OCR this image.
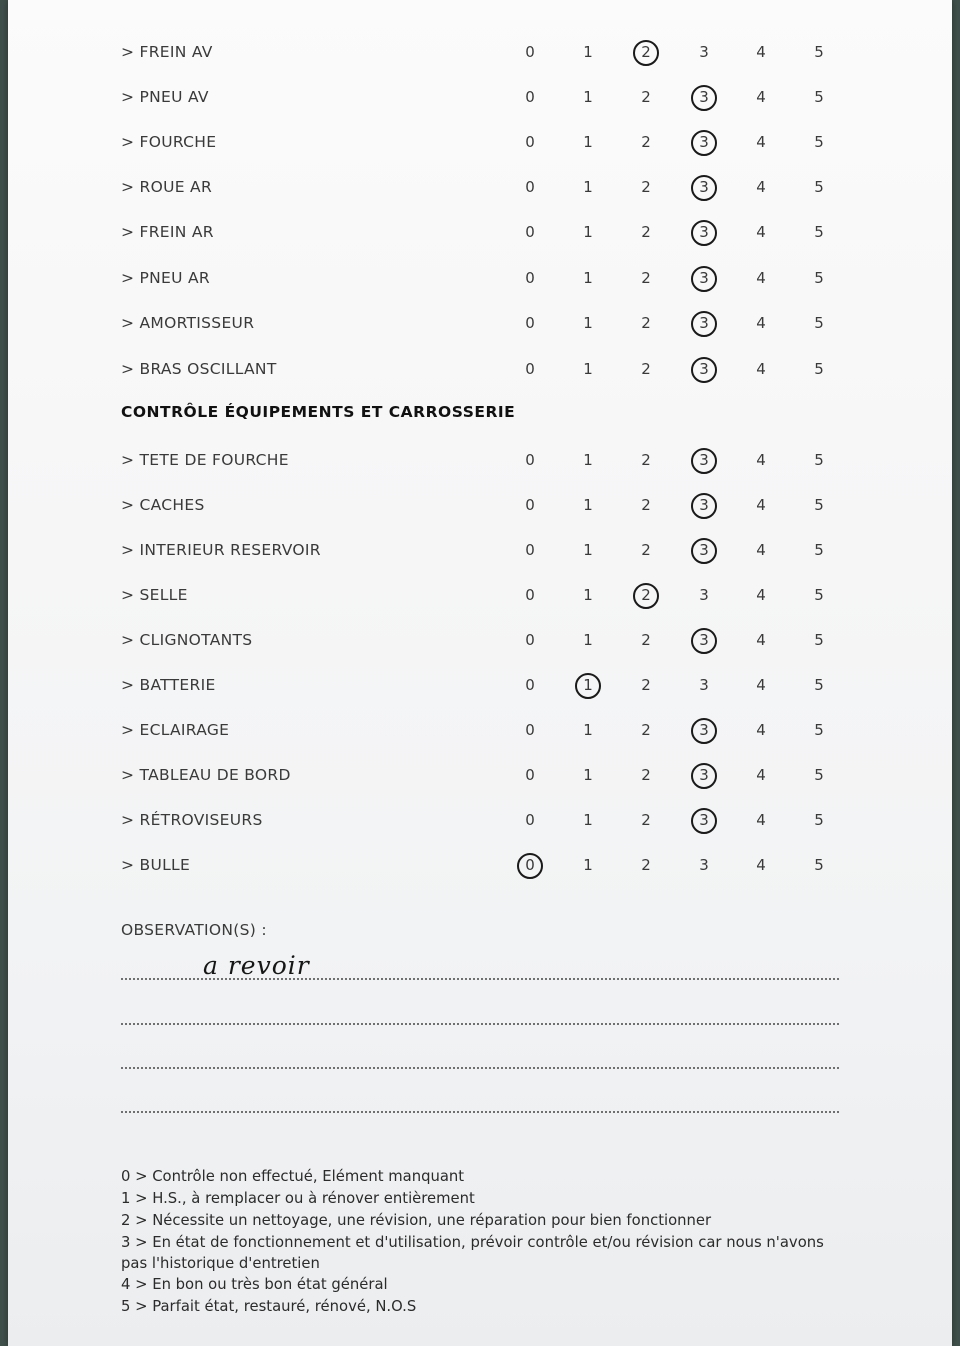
> FREIN AV	0	1	2	3	4	5
> PNEU AV	0	1	2	3	4	5
> FOURCHE	0	1	2	3	4	5
> ROUE AR	0	1	2	3	4	5
> FREIN AR	0	1	2	3	4	5
> PNEU AR	0	1	2	3	4	5
> AMORTISSEUR	0	1	2	3	4	5
> BRAS OSCILLANT	0	1	2	3	4	5
CONTRÔLE ÉQUIPEMENTS ET CARROSSERIE
> TETE DE FOURCHE	0	1	2	3	4	5
> CACHES	0	1	2	3	4	5
> INTERIEUR RESERVOIR	0	1	2	3	4	5
> SELLE	0	1	2	3	4	5
> CLIGNOTANTS	0	1	2	3	4	5
> BATTERIE	0	1	2	3	4	5
> ECLAIRAGE	0	1	2	3	4	5
> TABLEAU DE BORD	0	1	2	3	4	5
> RÉTROVISEURS	0	1	2	3	4	5
> BULLE	0	1	2	3	4	5
OBSERVATION(S) :
a revoir
0 > Contrôle non effectué, Elément manquant
1 > H.S., à remplacer ou à rénover entièrement
2 > Nécessite un nettoyage, une révision, une réparation pour bien fonctionner
3 > En état de fonctionnement et d'utilisation, prévoir contrôle et/ou révision car nous n'avons pas l'historique d'entretien
4 > En bon ou très bon état général
5 > Parfait état, restauré, rénové, N.O.S
